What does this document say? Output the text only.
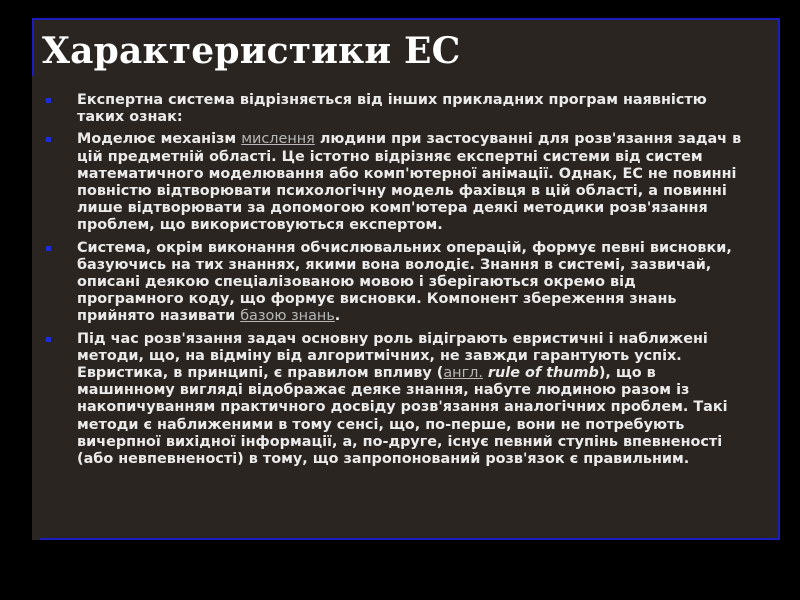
Характеристики ЕС
Експертна система відрізняється від інших прикладних програм наявністю таких ознак:
Моделює механізм мислення людини при застосуванні для розв'язання задач в цій предметній області. Це істотно відрізняє експертні системи від систем математичного моделювання або комп'ютерної анімації. Однак, ЕС не повинні повністю відтворювати психологічну модель фахівця в цій області, а повинні лише відтворювати за допомогою комп'ютера деякі методики розв'язання проблем, що використовуються експертом.
Система, окрім виконання обчислювальних операцій, формує певні висновки, базуючись на тих знаннях, якими вона володіє. Знання в системі, зазвичай, описані деякою спеціалізованою мовою і зберігаються окремо від програмного коду, що формує висновки. Компонент збереження знань прийнято називати базою знань.
Під час розв'язання задач основну роль відіграють евристичні і наближені методи, що, на відміну від алгоритмічних, не завжди гарантують успіх. Евристика, в принципі, є правилом впливу (англ. rule of thumb), що в машинному вигляді відображає деяке знання, набуте людиною разом із накопичуванням практичного досвіду розв'язання аналогічних проблем. Такі методи є наближеними в тому сенсі, що, по-перше, вони не потребують вичерпної вихідної інформації, а, по-друге, існує певний ступінь впевненості (або невпевненості) в тому, що запропонований розв'язок є правильним.
